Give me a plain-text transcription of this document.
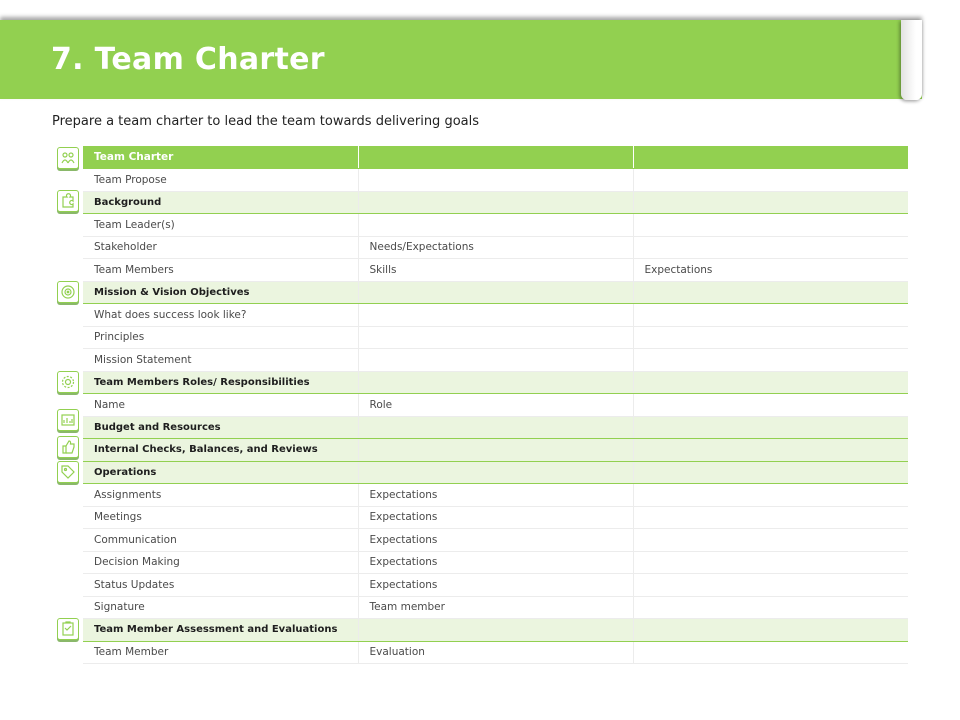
7. Team Charter

Prepare a team charter to lead the team towards delivering goals

Team Charter		
Team Propose		
Background		
Team Leader(s)		
Stakeholder	Needs/Expectations	
Team Members	Skills	Expectations
Mission & Vision Objectives		
What does success look like?		
Principles		
Mission Statement		
Team Members Roles/ Responsibilities		
Name	Role	
Budget and Resources		
Internal Checks, Balances, and Reviews		
Operations		
Assignments	Expectations	
Meetings	Expectations	
Communication	Expectations	
Decision Making	Expectations	
Status Updates	Expectations	
Signature	Team member	
Team Member Assessment and Evaluations		
Team Member	Evaluation	
